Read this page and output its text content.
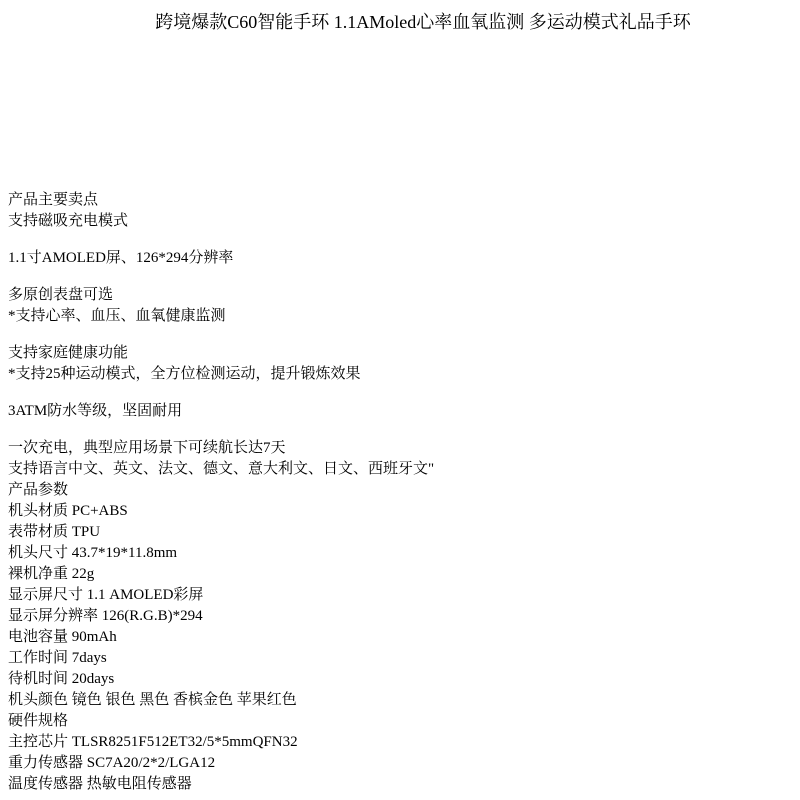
跨境爆款C60智能手环 1.1AMoled心率血氧监测 多运动模式礼品手环
产品主要卖点
支持磁吸充电模式
1.1寸AMOLED屏、126*294分辨率
多原创表盘可选
*支持心率、血压、血氧健康监测
支持家庭健康功能
*支持25种运动模式，全方位检测运动，提升锻炼效果
3ATM防水等级，坚固耐用
一次充电，典型应用场景下可续航长达7天
支持语言中文、英文、法文、德文、意大利文、日文、西班牙文"
产品参数
机头材质 PC+ABS
表带材质 TPU
机头尺寸 43.7*19*11.8mm
裸机净重 22g
显示屏尺寸 1.1 AMOLED彩屏
显示屏分辨率 126(R.G.B)*294
电池容量 90mAh
工作时间 7days
待机时间 20days
机头颜色 镜色 银色 黑色 香槟金色 苹果红色
硬件规格
主控芯片 TLSR8251F512ET32/5*5mmQFN32
重力传感器 SC7A20/2*2/LGA12
温度传感器 热敏电阻传感器
